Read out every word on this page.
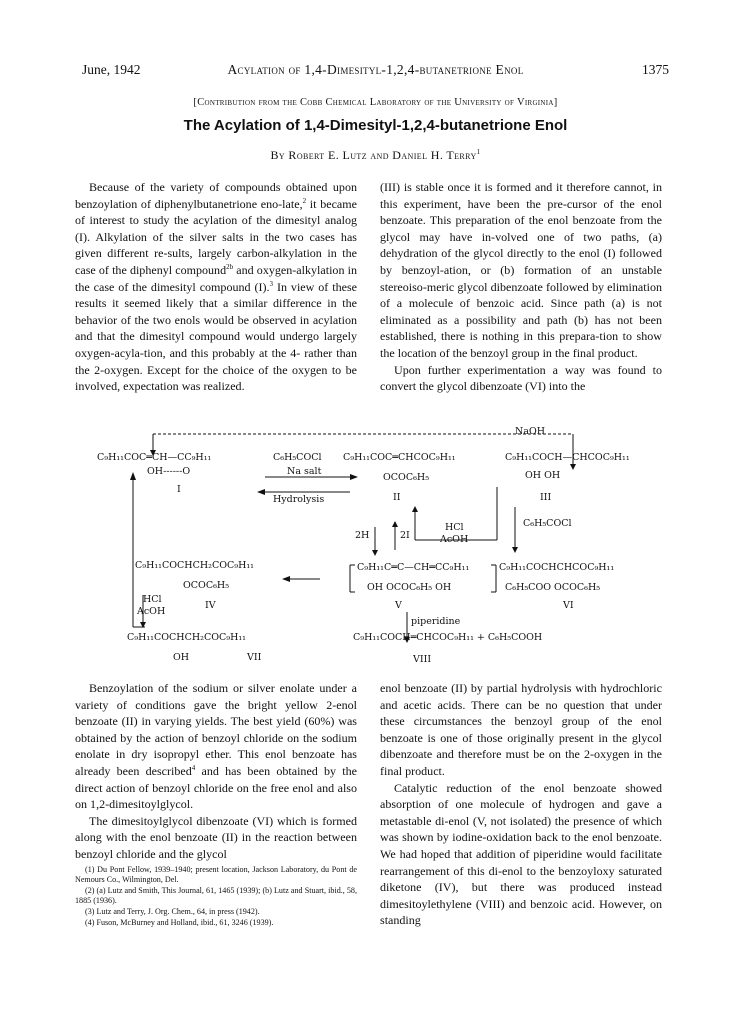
June, 1942	Acylation of 1,4-Dimesityl-1,2,4-butanetrione Enol	1375
[Contribution from the Cobb Chemical Laboratory of the University of Virginia]
The Acylation of 1,4-Dimesityl-1,2,4-butanetrione Enol
By Robert E. Lutz and Daniel H. Terry$^1$

Because of the variety of compounds obtained upon benzoylation of diphenylbutanetrione eno-late,$^2$ it became of interest to study the acylation of the dimesityl analog (I). Alkylation of the silver salts in the two cases has given different re-sults, largely carbon-alkylation in the case of the diphenyl compound$^{2b}$ and oxygen-alkylation in the case of the dimesityl compound (I).$^3$ In view of these results it seemed likely that a similar difference in the behavior of the two enols would be observed in acylation and that the dimesityl compound would undergo largely oxygen-acyla-tion, and this probably at the 4- rather than the 2-oxygen. Except for the choice of the oxygen to be involved, expectation was realized.

(III) is stable once it is formed and it therefore cannot, in this experiment, have been the pre-cursor of the enol benzoate. This preparation of the enol benzoate from the glycol may have in-volved one of two paths, (a) dehydration of the glycol directly to the enol (I) followed by benzoyl-ation, or (b) formation of an unstable stereoiso-meric glycol dibenzoate followed by elimination of a molecule of benzoic acid. Since path (a) is not eliminated as a possibility and path (b) has not been established, there is nothing in this prepara-tion to show the location of the benzoyl group in the final product.

Upon further experimentation a way was found to convert the glycol dibenzoate (VI) into the

NaOH
C₉H₁₁COC═CH—CC₉H₁₁
OH------O
I
C₆H₅COCl
Na salt
Hydrolysis
C₉H₁₁COC═CHCOC₉H₁₁
OCOC₆H₅
II
C₉H₁₁COCH—CHCOC₉H₁₁
OH OH
III
2H	2I
HCl
AcOH
C₆H₅COCl
C₉H₁₁COCHCH₂COC₉H₁₁
OCOC₆H₅
IV
HCl
AcOH
C₉H₁₁C═C—CH═CC₉H₁₁
OH OCOC₆H₅ OH
V
piperidine
C₉H₁₁COCHCHCOC₉H₁₁
C₆H₅COO OCOC₆H₅
VI
C₉H₁₁COCHCH₂COC₉H₁₁
OH	VII
C₉H₁₁COCH═CHCOC₉H₁₁ + C₆H₅COOH
VIII

Benzoylation of the sodium or silver enolate under a variety of conditions gave the bright yellow 2-enol benzoate (II) in varying yields. The best yield (60%) was obtained by the action of benzoyl chloride on the sodium enolate in dry isopropyl ether. This enol benzoate has already been described$^4$ and has been obtained by the direct action of benzoyl chloride on the free enol and also on 1,2-dimesitoylglycol.

The dimesitoylglycol dibenzoate (VI) which is formed along with the enol benzoate (II) in the reaction between benzoyl chloride and the glycol

(1) Du Pont Fellow, 1939–1940; present location, Jackson Laboratory, du Pont de Nemours Co., Wilmington, Del.
(2) (a) Lutz and Smith, This Journal, 61, 1465 (1939); (b) Lutz and Stuart, ibid., 58, 1885 (1936).
(3) Lutz and Terry, J. Org. Chem., 64, in press (1942).
(4) Fuson, McBurney and Holland, ibid., 61, 3246 (1939).

enol benzoate (II) by partial hydrolysis with hydrochloric and acetic acids. There can be no question that under these circumstances the benzoyl group of the enol benzoate is one of those originally present in the glycol dibenzoate and therefore must be on the 2-oxygen in the final product.

Catalytic reduction of the enol benzoate showed absorption of one molecule of hydrogen and gave a metastable di-enol (V, not isolated) the presence of which was shown by iodine-oxidation back to the enol benzoate. We had hoped that addition of piperidine would facilitate rearrangement of this di-enol to the benzoyloxy saturated diketone (IV), but there was produced instead dimesitoylethylene (VIII) and benzoic acid. However, on standing
